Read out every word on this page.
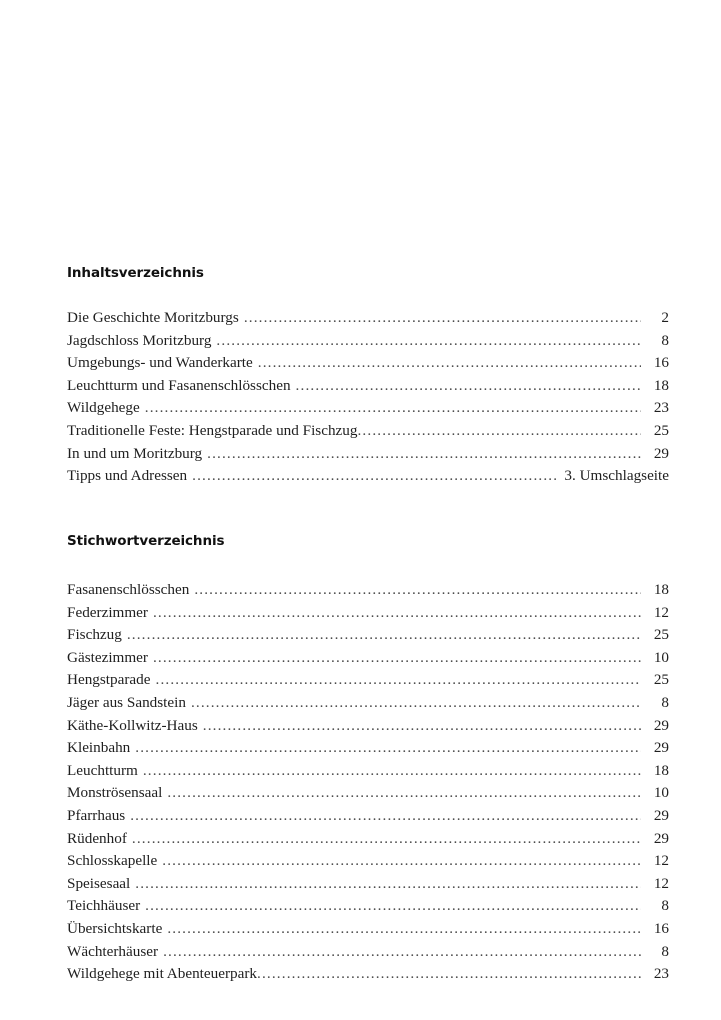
Inhaltsverzeichnis
Die Geschichte Moritzburgs .....	2
Jagdschloss Moritzburg .....	8
Umgebungs- und Wanderkarte .....	16
Leuchtturm und Fasanenschlösschen .....	18
Wildgehege .....	23
Traditionelle Feste: Hengstparade und Fischzug .....	25
In und um Moritzburg .....	29
Tipps und Adressen .....	3. Umschlagseite
Stichwortverzeichnis
Fasanenschlösschen .....	18
Federzimmer .....	12
Fischzug .....	25
Gästezimmer .....	10
Hengstparade .....	25
Jäger aus Sandstein .....	8
Käthe-Kollwitz-Haus .....	29
Kleinbahn .....	29
Leuchtturm .....	18
Monströsensaal .....	10
Pfarrhaus .....	29
Rüdenhof .....	29
Schlosskapelle .....	12
Speisesaal .....	12
Teichhäuser .....	8
Übersichtskarte .....	16
Wächterhäuser .....	8
Wildgehege mit Abenteuerpark .....	23
